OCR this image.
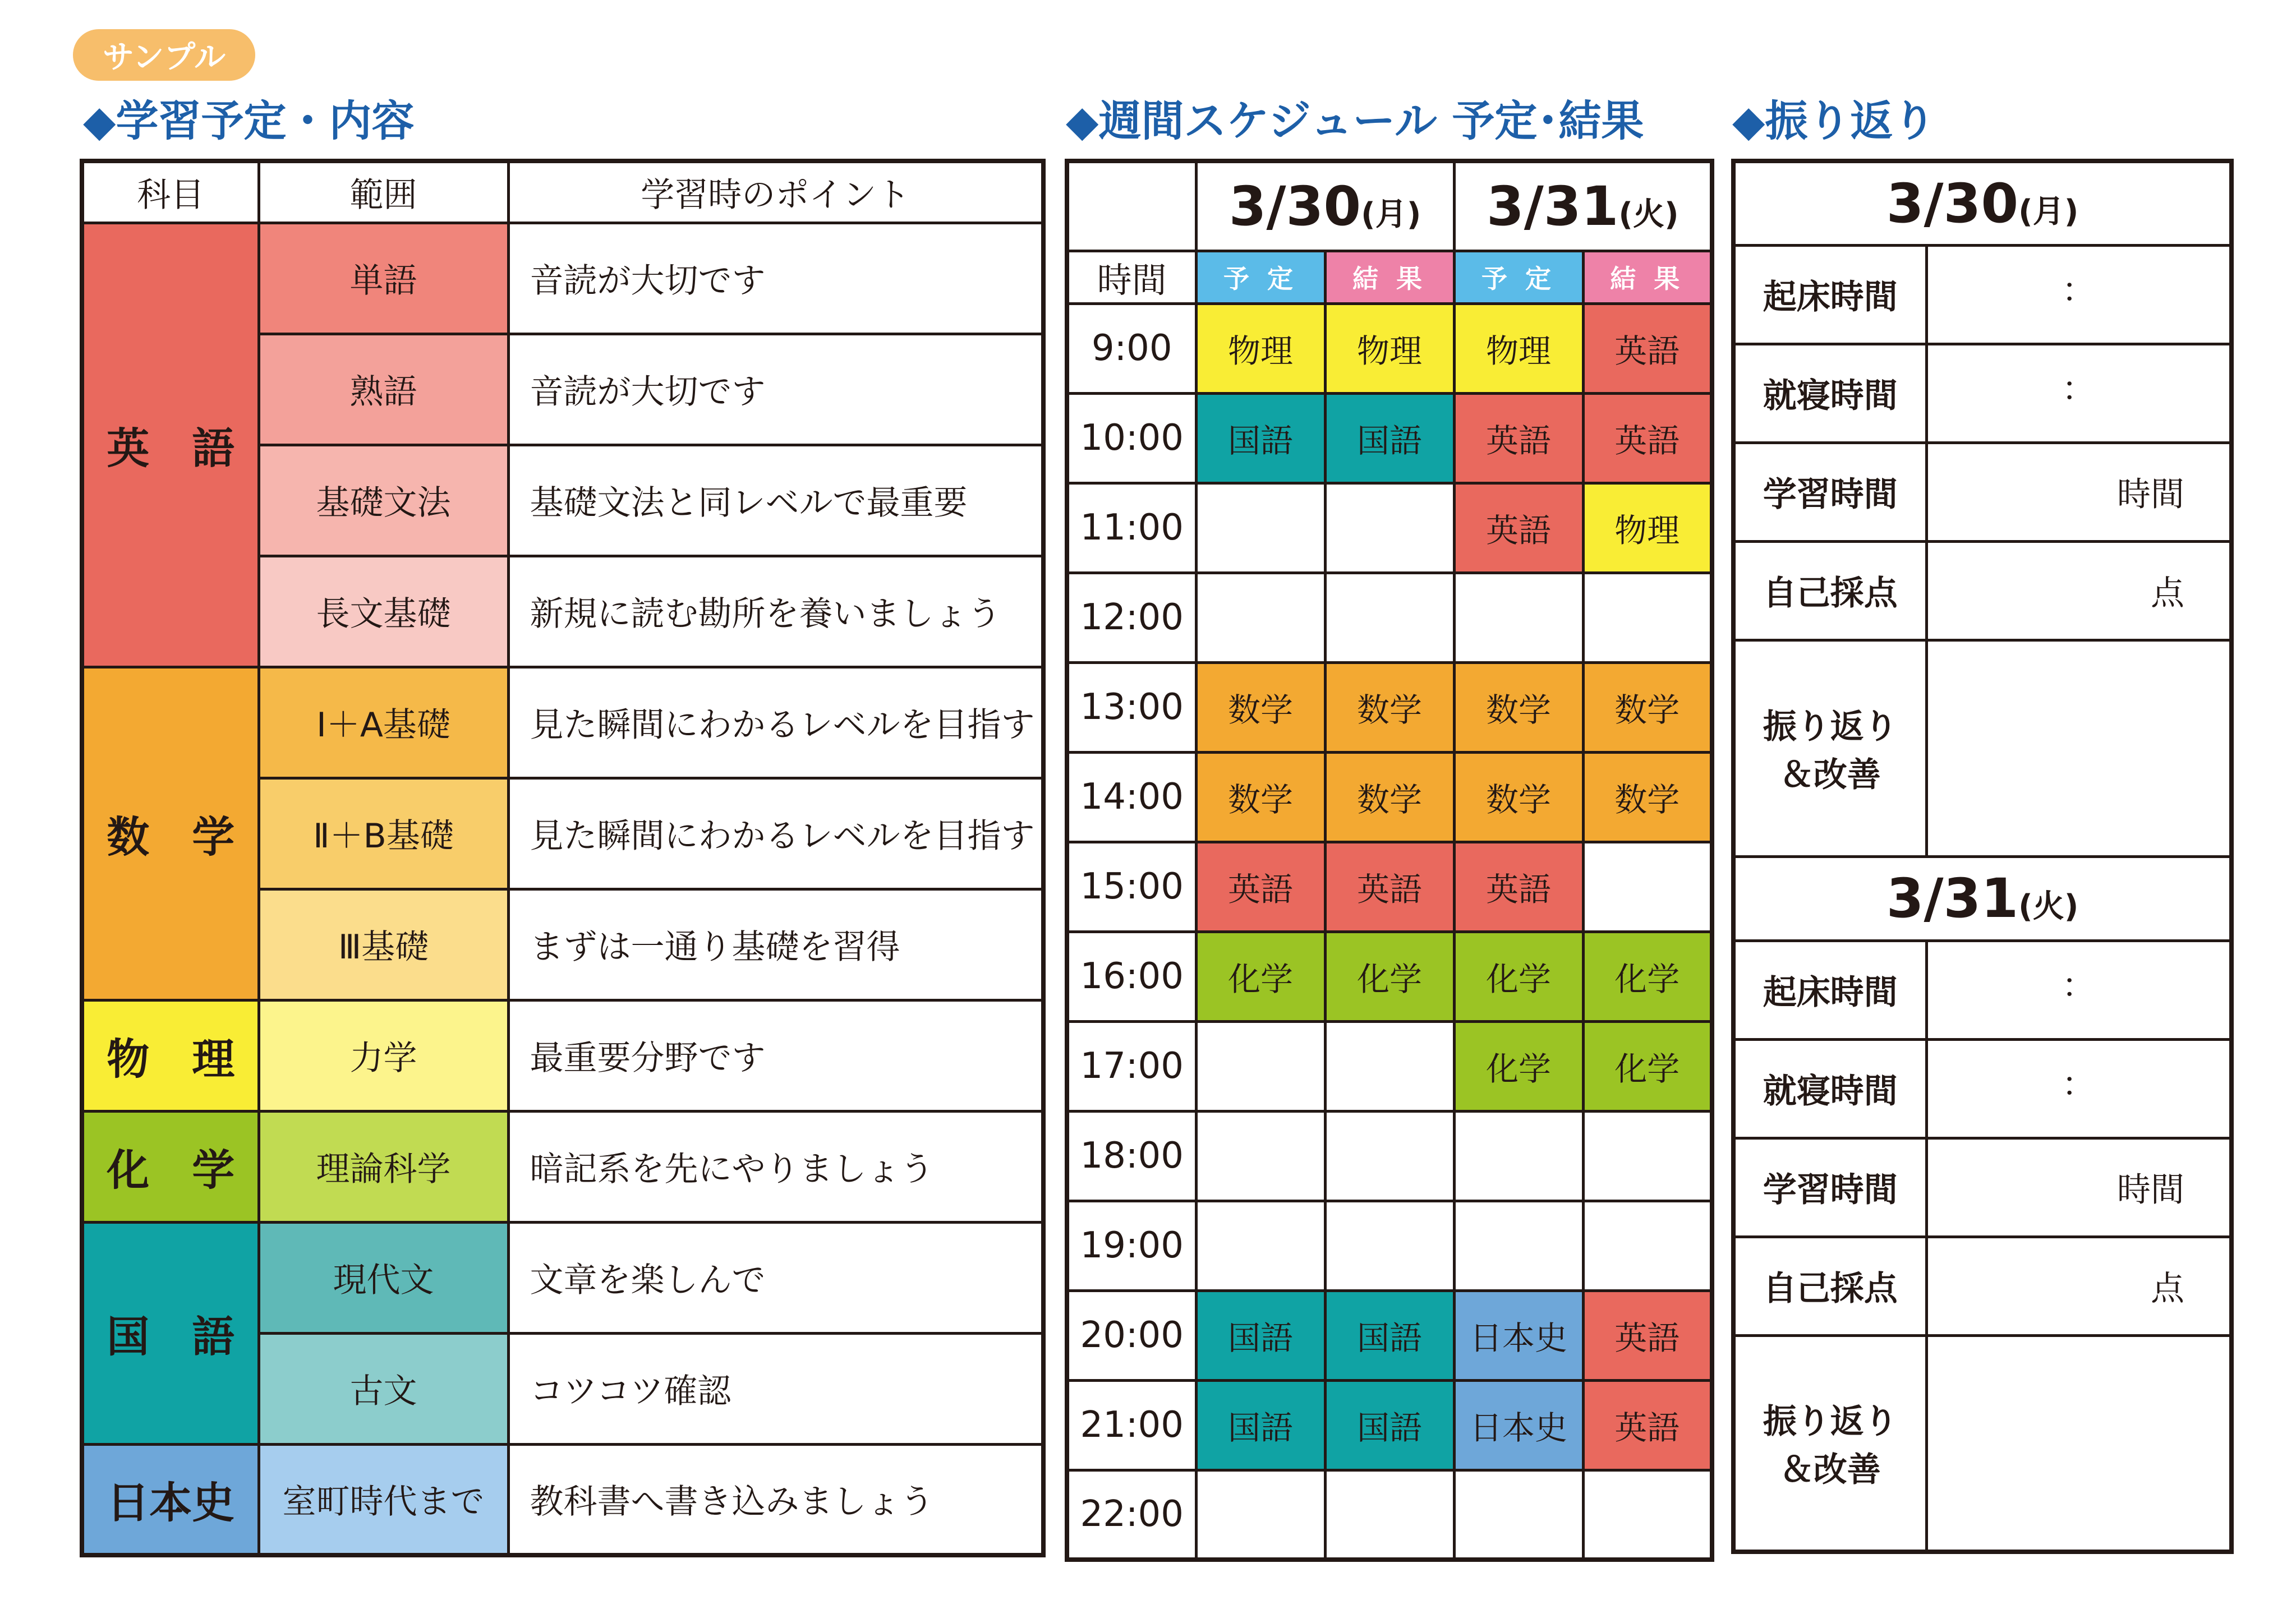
サンプル
◆学習予定・内容	◆週間スケジュール 予定･結果 ◆振り返り
科目	範囲	学習時のポイント
英　語	単語	音読が大切です
	熟語	音読が大切です
	基礎文法	基礎文法と同レベルで最重要
	長文基礎	新規に読む勘所を養いましょう
数　学	Ⅰ＋A基礎	見た瞬間にわかるレベルを目指す
	Ⅱ＋B基礎	見た瞬間にわかるレベルを目指す
	Ⅲ基礎	まずは一通り基礎を習得
物　理	力学	最重要分野です
化　学	理論科学	暗記系を先にやりましょう
国　語	現代文	文章を楽しんで
	古文	コツコツ確認
日本史	室町時代まで	教科書へ書き込みましょう
	3/30(月)		3/31(火)	
時間	予 定	結 果	予 定	結 果
9:00	物理	物理	物理	英語
10:00	国語	国語	英語	英語
11:00			英語	物理
12:00				
13:00	数学	数学	数学	数学
14:00	数学	数学	数学	数学
15:00	英語	英語	英語	
16:00	化学	化学	化学	化学
17:00			化学	化学
18:00				
19:00				
20:00	国語	国語	日本史	英語
21:00	国語	国語	日本史	英語
22:00				
3/30(月)	
起床時間	：
就寝時間	：
学習時間	時間
自己採点	点

振り返り
＆改善	

3/31(火)	
起床時間	：
就寝時間	：
学習時間	時間
自己採点	点

振り返り
＆改善	
